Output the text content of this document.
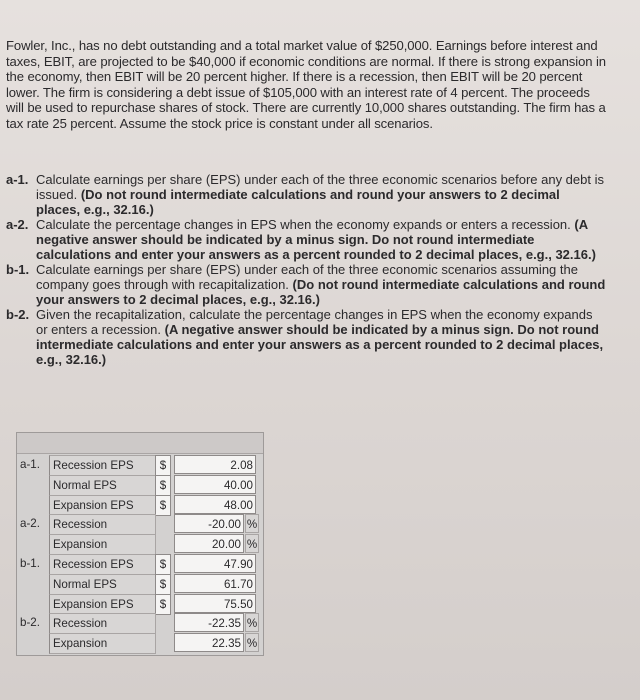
Fowler, Inc., has no debt outstanding and a total market value of $250,000. Earnings before interest and taxes, EBIT, are projected to be $40,000 if economic conditions are normal. If there is strong expansion in the economy, then EBIT will be 20 percent higher. If there is a recession, then EBIT will be 20 percent lower. The firm is considering a debt issue of $105,000 with an interest rate of 4 percent. The proceeds will be used to repurchase shares of stock. There are currently 10,000 shares outstanding. The firm has a tax rate 25 percent. Assume the stock price is constant under all scenarios.
a-1. Calculate earnings per share (EPS) under each of the three economic scenarios before any debt is issued. (Do not round intermediate calculations and round your answers to 2 decimal places, e.g., 32.16.)
a-2. Calculate the percentage changes in EPS when the economy expands or enters a recession. (A negative answer should be indicated by a minus sign. Do not round intermediate calculations and enter your answers as a percent rounded to 2 decimal places, e.g., 32.16.)
b-1. Calculate earnings per share (EPS) under each of the three economic scenarios assuming the company goes through with recapitalization. (Do not round intermediate calculations and round your answers to 2 decimal places, e.g., 32.16.)
b-2. Given the recapitalization, calculate the percentage changes in EPS when the economy expands or enters a recession. (A negative answer should be indicated by a minus sign. Do not round intermediate calculations and enter your answers as a percent rounded to 2 decimal places, e.g., 32.16.)
a-1.	Recession EPS	$	2.08
Normal EPS	$	40.00
Expansion EPS	$	48.00
a-2.	Recession	-20.00 %
Expansion	20.00 %
b-1.	Recession EPS	$	47.90
Normal EPS	$	61.70
Expansion EPS	$	75.50
b-2.	Recession	-22.35 %
Expansion	22.35 %
